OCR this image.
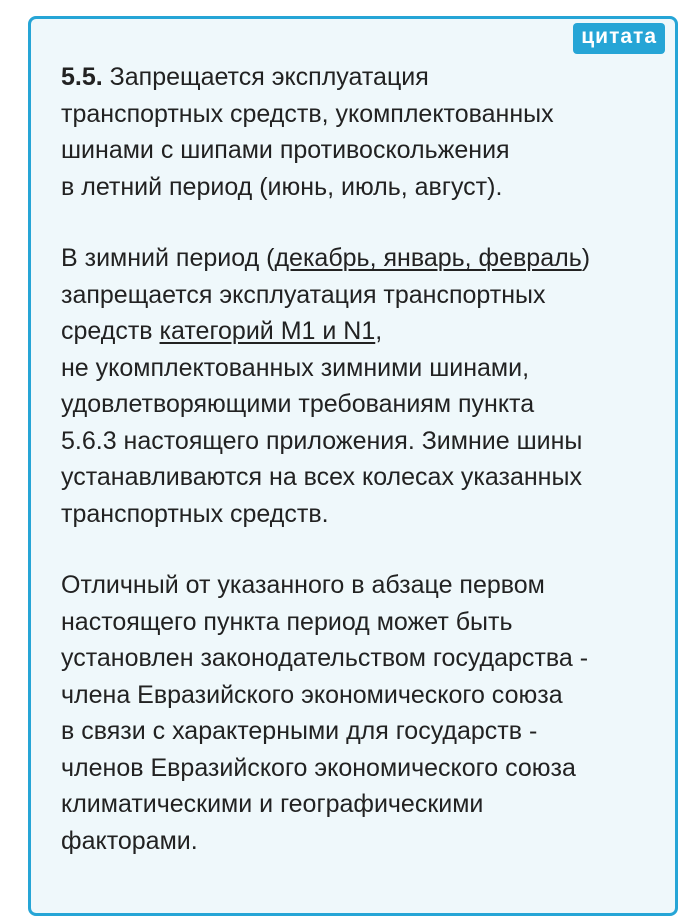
цитата

5.5. Запрещается эксплуатация
транспортных средств, укомплектованных
шинами с шипами противоскольжения
в летний период (июнь, июль, август).

В зимний период (декабрь, январь, февраль)
запрещается эксплуатация транспортных
средств категорий M1 и N1,
не укомплектованных зимними шинами,
удовлетворяющими требованиям пункта
5.6.3 настоящего приложения. Зимние шины
устанавливаются на всех колесах указанных
транспортных средств.

Отличный от указанного в абзаце первом
настоящего пункта период может быть
установлен законодательством государства -
члена Евразийского экономического союза
в связи с характерными для государств -
членов Евразийского экономического союза
климатическими и географическими
факторами.
